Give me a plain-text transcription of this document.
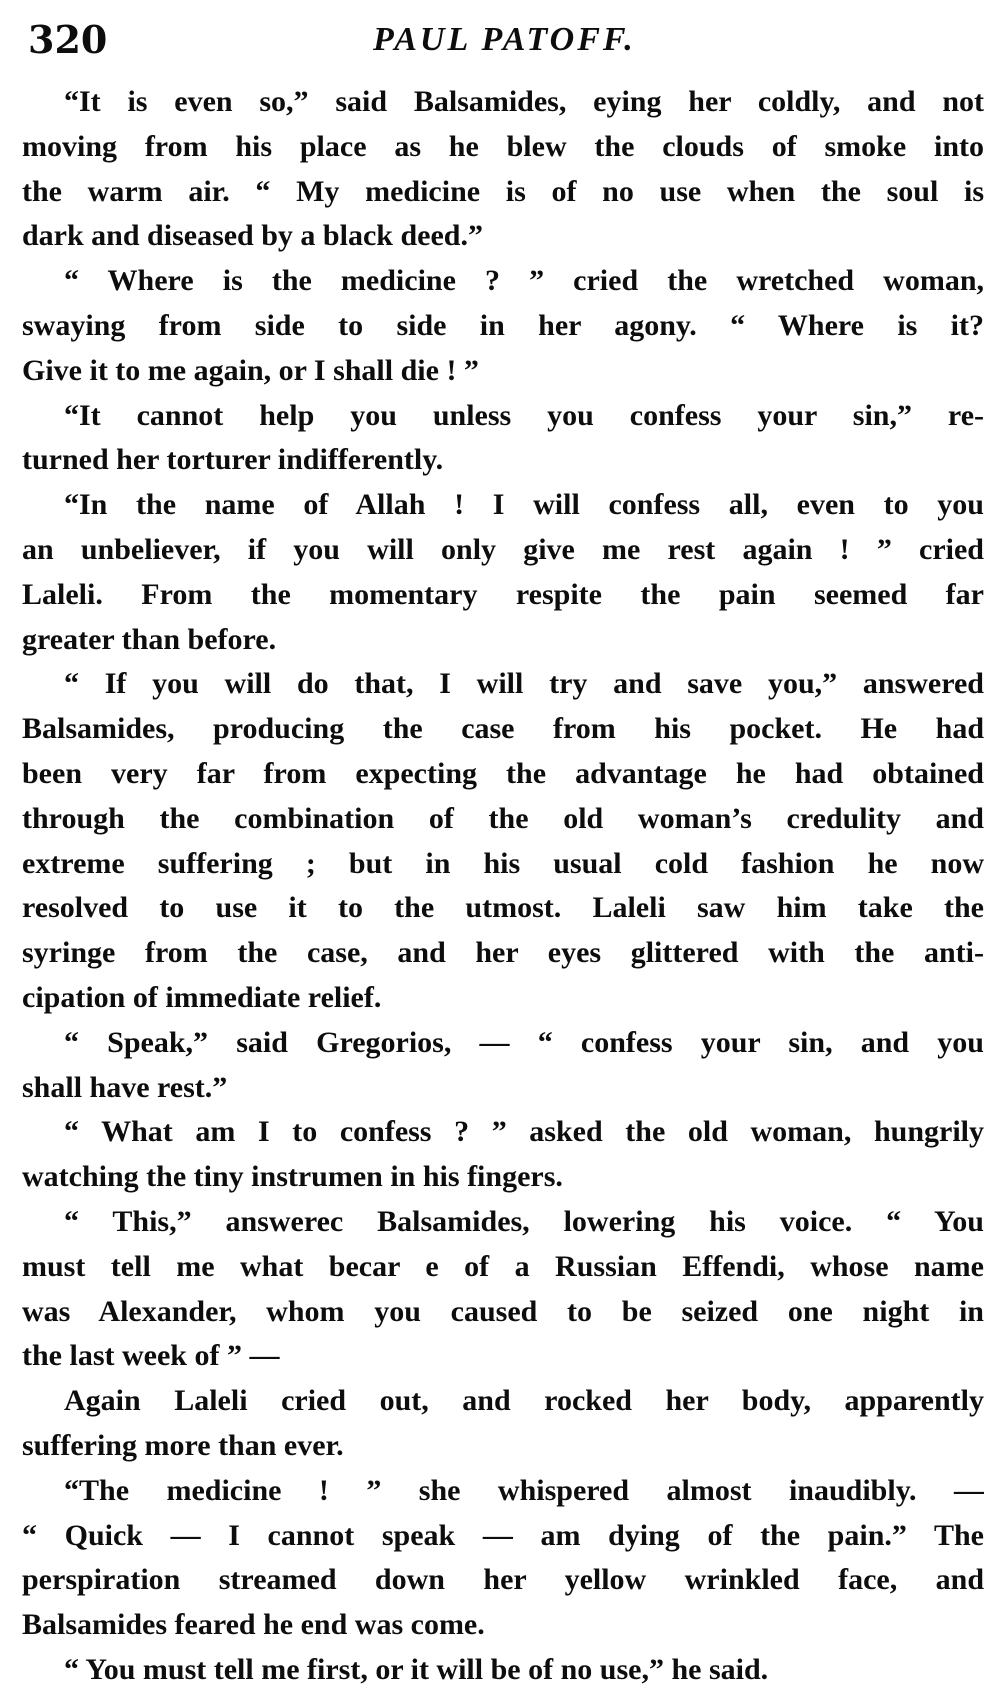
320	PAUL PATOFF.
“It is even so,” said Balsamides, eying her coldly, and not
moving from his place as he blew the clouds of smoke into
the warm air. “ My medicine is of no use when the soul is
dark and diseased by a black deed.”
“ Where is the medicine ? ” cried the wretched woman,
swaying from side to side in her agony. “ Where is it?
Give it to me again, or I shall die ! ”
“It cannot help you unless you confess your sin,” re-
turned her torturer indifferently.
“In the name of Allah ! I will confess all, even to you
an unbeliever, if you will only give me rest again ! ” cried
Laleli. From the momentary respite the pain seemed far
greater than before.
“ If you will do that, I will try and save you,” answered
Balsamides, producing the case from his pocket. He had
been very far from expecting the advantage he had obtained
through the combination of the old woman’s credulity and
extreme suffering ; but in his usual cold fashion he now
resolved to use it to the utmost. Laleli saw him take the
syringe from the case, and her eyes glittered with the anti-
cipation of immediate relief.
“ Speak,” said Gregorios, — “ confess your sin, and you
shall have rest.”
“ What am I to confess ? ” asked the old woman, hungrily
watching the tiny instrumen in his fingers.
“ This,” answerec Balsamides, lowering his voice. “ You
must tell me what becar e of a Russian Effendi, whose name
was Alexander, whom you caused to be seized one night in
the last week of ” —
Again Laleli cried out, and rocked her body, apparently
suffering more than ever.
“The medicine ! ” she whispered almost inaudibly. —
“ Quick — I cannot speak — am dying of the pain.” The
perspiration streamed down her yellow wrinkled face, and
Balsamides feared he end was come.
“ You must tell me first, or it will be of no use,” he said.
